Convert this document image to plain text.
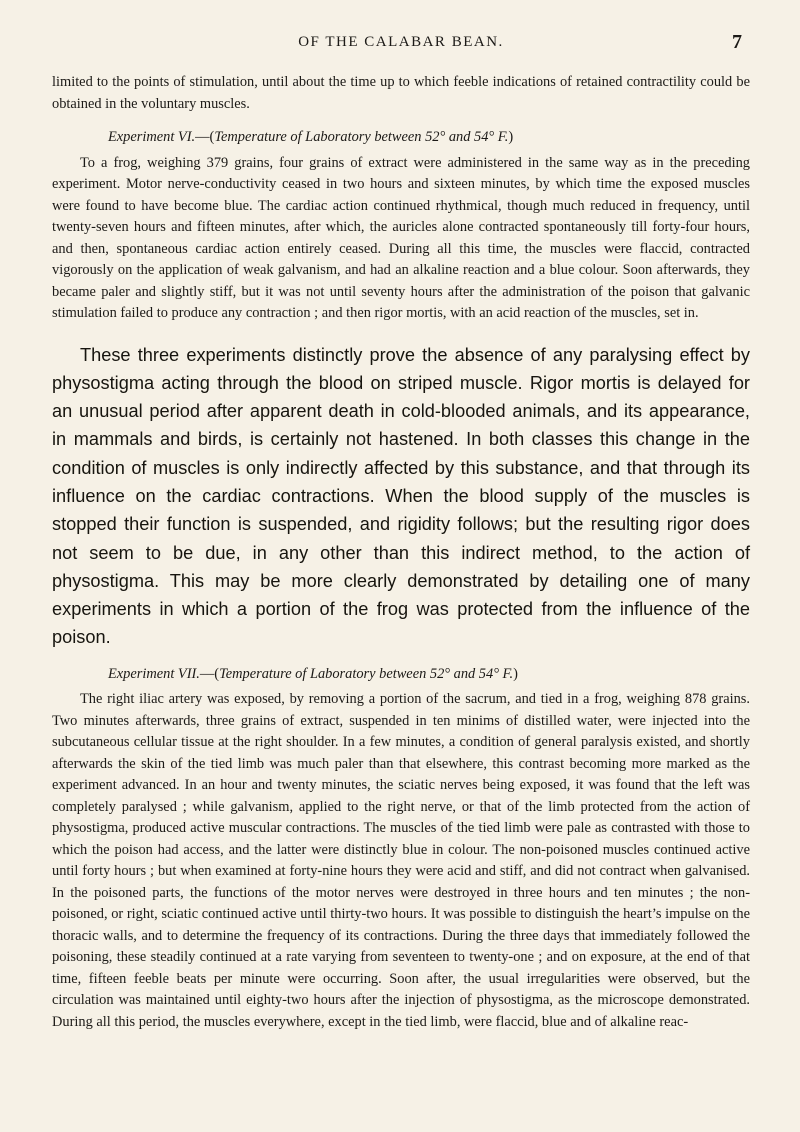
OF THE CALABAR BEAN.	7

limited to the points of stimulation, until about the time up to which feeble indications of retained contractility could be obtained in the voluntary muscles.

Experiment VI.—(Temperature of Laboratory between 52° and 54° F.)

To a frog, weighing 379 grains, four grains of extract were administered in the same way as in the preceding experiment. Motor nerve-conductivity ceased in two hours and sixteen minutes, by which time the exposed muscles were found to have become blue. The cardiac action continued rhythmical, though much reduced in frequency, until twenty-seven hours and fifteen minutes, after which, the auricles alone contracted spontaneously till forty-four hours, and then, spontaneous cardiac action entirely ceased. During all this time, the muscles were flaccid, contracted vigorously on the application of weak galvanism, and had an alkaline reaction and a blue colour. Soon afterwards, they became paler and slightly stiff, but it was not until seventy hours after the administration of the poison that galvanic stimulation failed to produce any contraction ; and then rigor mortis, with an acid reaction of the muscles, set in.

These three experiments distinctly prove the absence of any paralysing effect by physostigma acting through the blood on striped muscle. Rigor mortis is delayed for an unusual period after apparent death in cold-blooded animals, and its appearance, in mammals and birds, is certainly not hastened. In both classes this change in the condition of muscles is only indirectly affected by this substance, and that through its influence on the cardiac contractions. When the blood supply of the muscles is stopped their function is suspended, and rigidity follows; but the resulting rigor does not seem to be due, in any other than this indirect method, to the action of physostigma. This may be more clearly demonstrated by detailing one of many experiments in which a portion of the frog was protected from the influence of the poison.

Experiment VII.—(Temperature of Laboratory between 52° and 54° F.)

The right iliac artery was exposed, by removing a portion of the sacrum, and tied in a frog, weighing 878 grains. Two minutes afterwards, three grains of extract, suspended in ten minims of distilled water, were injected into the subcutaneous cellular tissue at the right shoulder. In a few minutes, a condition of general paralysis existed, and shortly afterwards the skin of the tied limb was much paler than that elsewhere, this contrast becoming more marked as the experiment advanced. In an hour and twenty minutes, the sciatic nerves being exposed, it was found that the left was completely paralysed ; while galvanism, applied to the right nerve, or that of the limb protected from the action of physostigma, produced active muscular contractions. The muscles of the tied limb were pale as contrasted with those to which the poison had access, and the latter were distinctly blue in colour. The non-poisoned muscles continued active until forty hours ; but when examined at forty-nine hours they were acid and stiff, and did not contract when galvanised. In the poisoned parts, the functions of the motor nerves were destroyed in three hours and ten minutes ; the non-poisoned, or right, sciatic continued active until thirty-two hours. It was possible to distinguish the heart’s impulse on the thoracic walls, and to determine the frequency of its contractions. During the three days that immediately followed the poisoning, these steadily continued at a rate varying from seventeen to twenty-one ; and on exposure, at the end of that time, fifteen feeble beats per minute were occurring. Soon after, the usual irregularities were observed, but the circulation was maintained until eighty-two hours after the injection of physostigma, as the microscope demonstrated. During all this period, the muscles everywhere, except in the tied limb, were flaccid, blue and of alkaline reac-
